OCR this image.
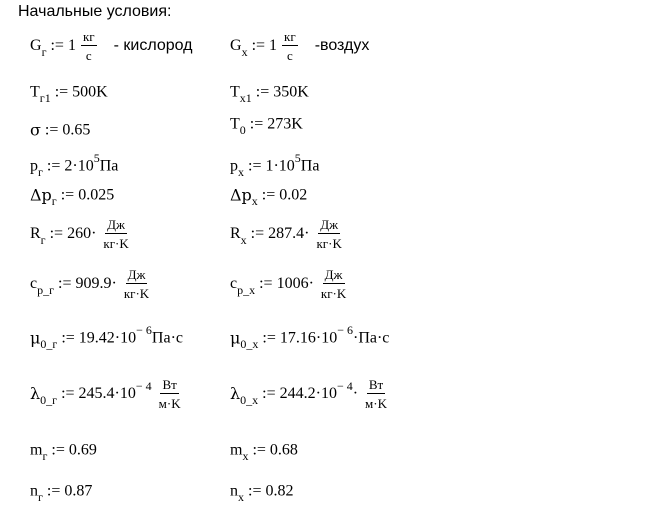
Начальные условия:
$G_г$ := $1 \frac{кг}{с}$ - кислород
$T_{г1}$ := 500K
σ := 0.65
$p_г$ := $2\cdot 10^5Па$
$\Delta p_г$ := 0.025
$R_г$ := $260\cdot \frac{Дж}{кг\cdot K}$
$c_{p\_г}$ := $909.9\cdot \frac{Дж}{кг\cdot K}$
$\mu_{0\_г}$ := $19.42\cdot 10^{- 6}Па\cdot с$
$\lambda_{0\_г}$ := $245.4\cdot 10^{- 4} \frac{Вт}{м\cdot K}$
$m_г$ := 0.69
$n_г$ := 0.87
$G_x$ := $1 \frac{кг}{с}$ -воздух
$T_{x1}$ := 350K
$T_0$ := 273K
$p_x$ := $1\cdot 10^5Па$
$\Delta p_x$ := 0.02
$R_x$ := $287.4\cdot \frac{Дж}{кг\cdot K}$
$c_{p\_x}$ := $1006\cdot \frac{Дж}{кг\cdot K}$
$\mu_{0\_x}$ := $17.16\cdot 10^{- 6}\cdot Па\cdot с$
$\lambda_{0\_x}$ := $244.2\cdot 10^{- 4}\cdot \frac{Вт}{м\cdot K}$
$m_x$ := 0.68
$n_x$ := 0.82
